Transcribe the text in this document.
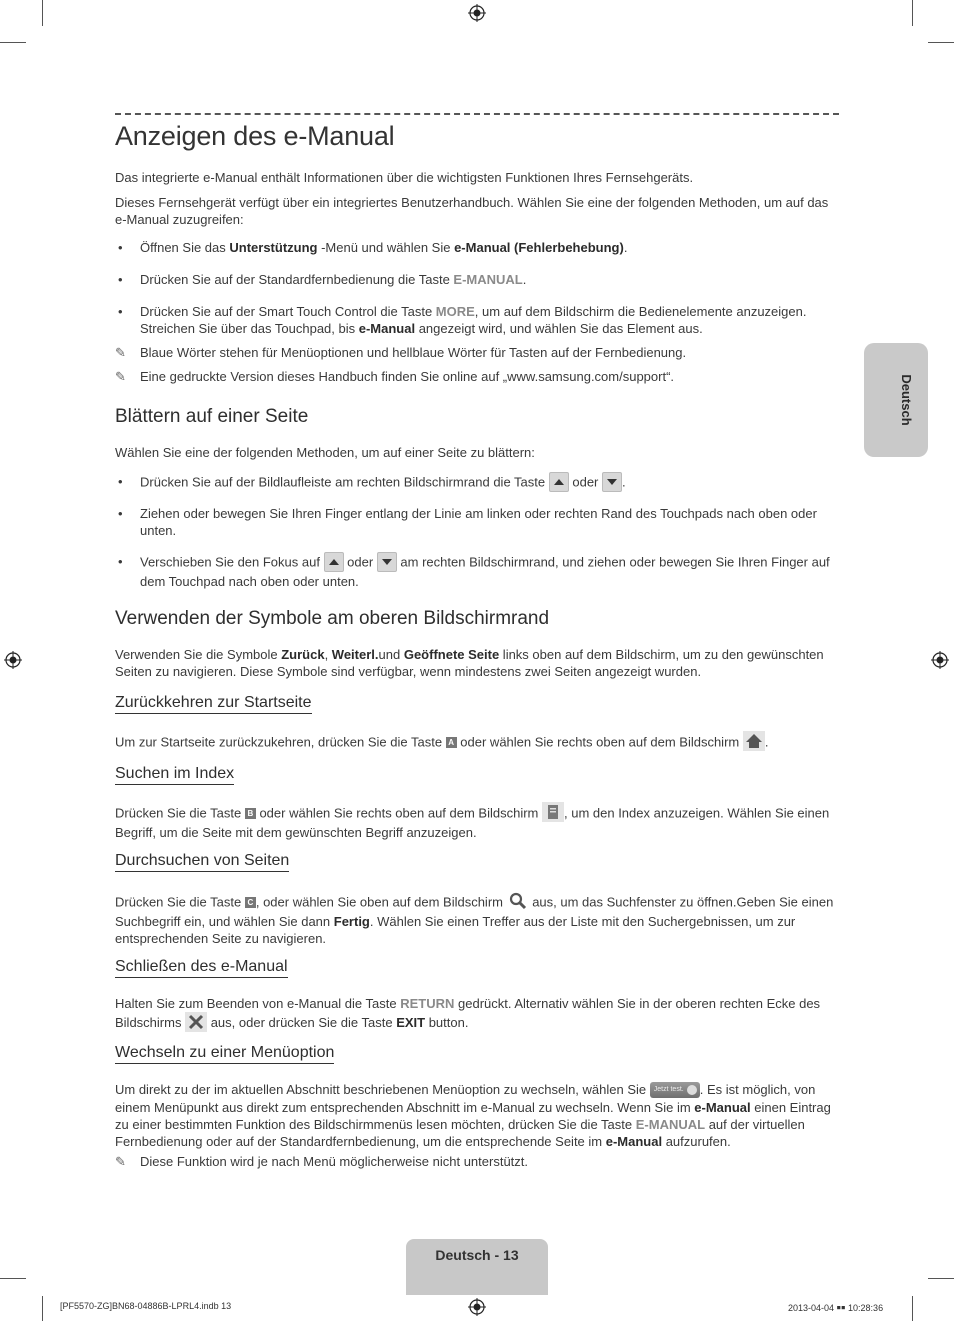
Anzeigen des e-Manual

Das integrierte e-Manual enthält Informationen über die wichtigsten Funktionen Ihres Fernsehgeräts.

Dieses Fernsehgerät verfügt über ein integriertes Benutzerhandbuch. Wählen Sie eine der folgenden Methoden, um auf das e-Manual zuzugreifen:

• Öffnen Sie das Unterstützung -Menü und wählen Sie e-Manual (Fehlerbehebung).
• Drücken Sie auf der Standardfernbedienung die Taste E-MANUAL.
• Drücken Sie auf der Smart Touch Control die Taste MORE, um auf dem Bildschirm die Bedienelemente anzuzeigen. Streichen Sie über das Touchpad, bis e-Manual angezeigt wird, und wählen Sie das Element aus.
✎ Blaue Wörter stehen für Menüoptionen und hellblaue Wörter für Tasten auf der Fernbedienung.
✎ Eine gedruckte Version dieses Handbuch finden Sie online auf „www.samsung.com/support“.
Blättern auf einer Seite

Wählen Sie eine der folgenden Methoden, um auf einer Seite zu blättern:

• Drücken Sie auf der Bildlaufleiste am rechten Bildschirmrand die Taste
oder
.
• Ziehen oder bewegen Sie Ihren Finger entlang der Linie am linken oder rechten Rand des Touchpads nach oben oder unten.
• Verschieben Sie den Fokus auf
oder
am rechten Bildschirmrand, und ziehen oder bewegen Sie Ihren Finger auf dem Touchpad nach oben oder unten.
Verwenden der Symbole am oberen Bildschirmrand

Verwenden Sie die Symbole Zurück, Weiterl.und Geöffnete Seite links oben auf dem Bildschirm, um zu den gewünschten Seiten zu navigieren. Diese Symbole sind verfügbar, wenn mindestens zwei Seiten angezeigt wurden.

Zurückkehren zur Startseite

Um zur Startseite zurückzukehren, drücken Sie die Taste A oder wählen Sie rechts oben auf dem Bildschirm
.

Suchen im Index

Drücken Sie die Taste B oder wählen Sie rechts oben auf dem Bildschirm
, um den Index anzuzeigen. Wählen Sie einen Begriff, um die Seite mit dem gewünschten Begriff anzuzeigen.

Durchsuchen von Seiten

Drücken Sie die Taste C , oder wählen Sie oben auf dem Bildschirm
aus, um das Suchfenster zu öffnen.Geben Sie einen Suchbegriff ein, und wählen Sie dann Fertig. Wählen Sie einen Treffer aus der Liste mit den Suchergebnissen, um zur entsprechenden Seite zu navigieren.

Schließen des e-Manual

Halten Sie zum Beenden von e-Manual die Taste RETURN gedrückt. Alternativ wählen Sie in der oberen rechten Ecke des Bildschirms
aus, oder drücken Sie die Taste EXIT button.

Wechseln zu einer Menüoption

Um direkt zu der im aktuellen Abschnitt beschriebenen Menüoption zu wechseln, wählen Sie Jetzt test. . Es ist möglich, von einem Menüpunkt aus direkt zum entsprechenden Abschnitt im e-Manual zu wechseln. Wenn Sie im e-Manual einen Eintrag zu einer bestimmten Funktion des Bildschirmmenüs lesen möchten, drücken Sie die Taste E-MANUAL auf der virtuellen Fernbedienung oder auf der Standardfernbedienung, um die entsprechende Seite im e-Manual aufzurufen.

✎ Diese Funktion wird je nach Menü möglicherweise nicht unterstützt.
Deutsch
Deutsch - 13
[PF5570-ZG]BN68-04886B-LPRL4.indb 13	2013-04-04 ￭￭ 10:28:36
